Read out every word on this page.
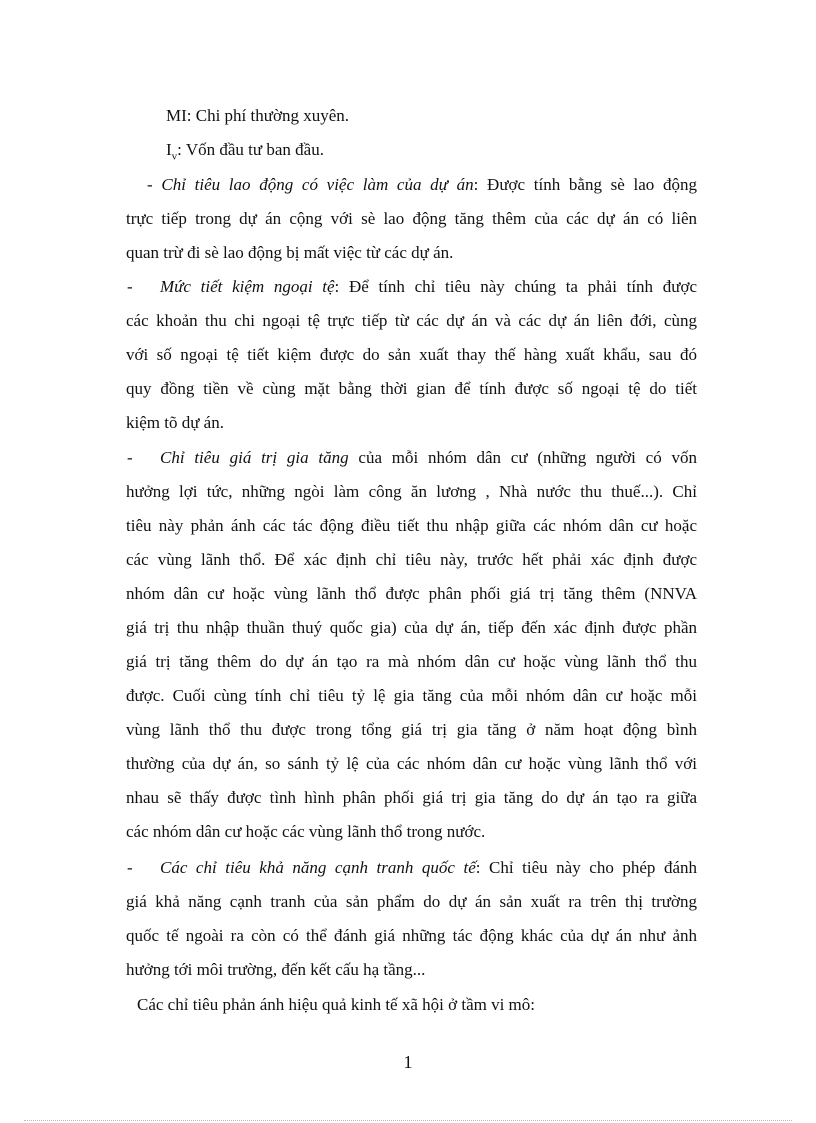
MI: Chi phí thường xuyên.
$I_v$: Vốn đầu tư ban đầu.
- Chỉ tiêu lao động có việc làm của dự án: Được tính bằng sè lao động
trực tiếp trong dự án cộng với sè lao động tăng thêm của các dự án có liên
quan trừ đi sè lao động bị mất việc từ các dự án.
- Mức tiết kiệm ngoại tệ: Để tính chỉ tiêu này chúng ta phải tính được
các khoản thu chi ngoại tệ trực tiếp từ các dự án và các dự án liên đới, cùng
với số ngoại tệ tiết kiệm được do sản xuất thay thế hàng xuất khẩu, sau đó
quy đồng tiền về cùng mặt bằng thời gian để tính được số ngoại tệ do tiết
kiệm tõ dự án.
- Chỉ tiêu giá trị gia tăng của mỗi nhóm dân cư (những người có vốn
hưởng lợi tức, những ngòi làm công ăn lương , Nhà nước thu thuế...). Chỉ
tiêu này phản ánh các tác động điều tiết thu nhập giữa các nhóm dân cư hoặc
các vùng lãnh thổ. Để xác định chỉ tiêu này, trước hết phải xác định được
nhóm dân cư hoặc vùng lãnh thổ được phân phối giá trị tăng thêm (NNVA
giá trị thu nhập thuần thuý quốc gia) của dự án, tiếp đến xác định được phần
giá trị tăng thêm do dự án tạo ra mà nhóm dân cư hoặc vùng lãnh thổ thu
được. Cuối cùng tính chỉ tiêu tỷ lệ gia tăng của mỗi nhóm dân cư hoặc mỗi
vùng lãnh thổ thu được trong tổng giá trị gia tăng ở năm hoạt động bình
thường của dự án, so sánh tỷ lệ của các nhóm dân cư hoặc vùng lãnh thổ với
nhau sẽ thấy được tình hình phân phối giá trị gia tăng do dự án tạo ra giữa
các nhóm dân cư hoặc các vùng lãnh thổ trong nước.
- Các chỉ tiêu khả năng cạnh tranh quốc tế: Chỉ tiêu này cho phép đánh
giá khả năng cạnh tranh của sản phẩm do dự án sản xuất ra trên thị trường
quốc tế ngoài ra còn có thể đánh giá những tác động khác của dự án như ảnh
hưởng tới môi trường, đến kết cấu hạ tầng...
Các chỉ tiêu phản ánh hiệu quả kinh tế xã hội ở tầm vi mô:
1
